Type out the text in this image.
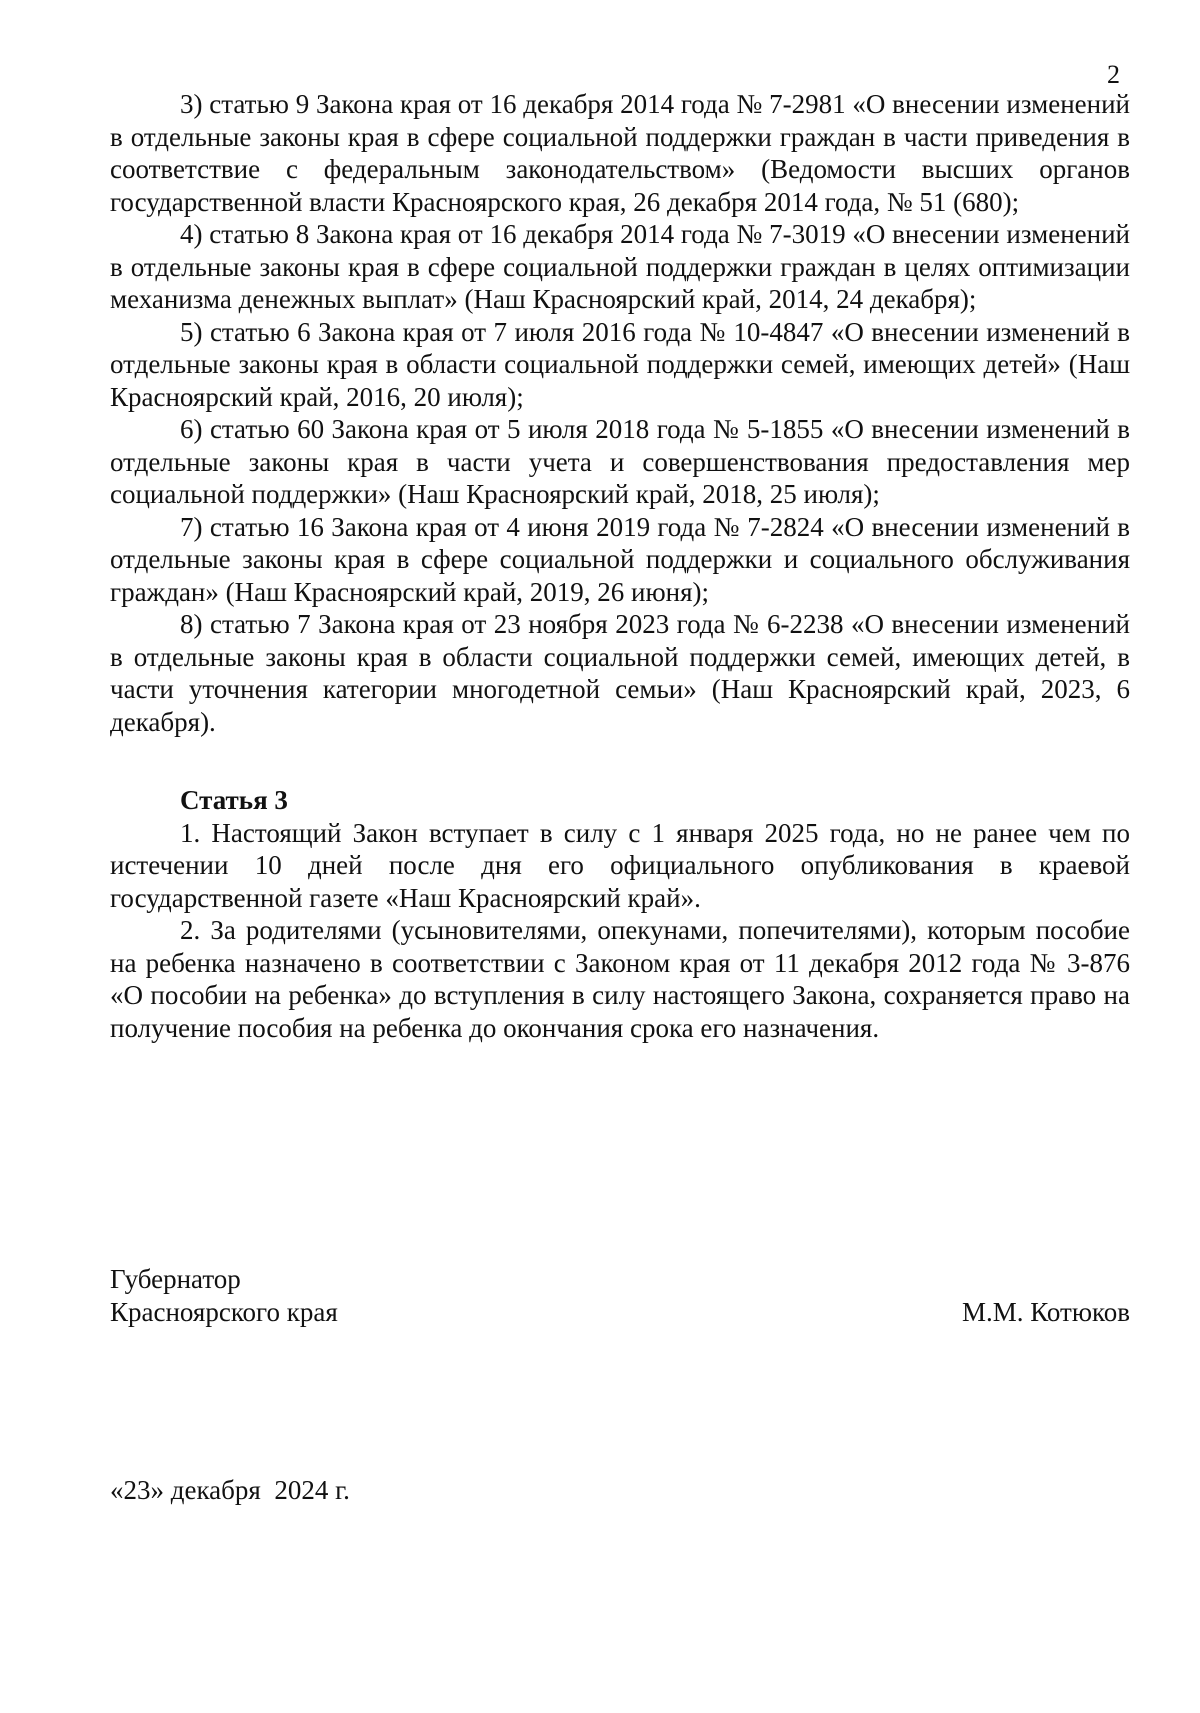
2

3) статью 9 Закона края от 16 декабря 2014 года № 7-2981 «О внесении изменений в отдельные законы края в сфере социальной поддержки граждан в части приведения в соответствие с федеральным законодательством» (Ведомости высших органов государственной власти Красноярского края, 26 декабря 2014 года, № 51 (680);

4) статью 8 Закона края от 16 декабря 2014 года № 7-3019 «О внесении изменений в отдельные законы края в сфере социальной поддержки граждан в целях оптимизации механизма денежных выплат» (Наш Красноярский край, 2014, 24 декабря);

5) статью 6 Закона края от 7 июля 2016 года № 10-4847 «О внесении изменений в отдельные законы края в области социальной поддержки семей, имеющих детей» (Наш Красноярский край, 2016, 20 июля);

6) статью 60 Закона края от 5 июля 2018 года № 5-1855 «О внесении изменений в отдельные законы края в части учета и совершенствования предоставления мер социальной поддержки» (Наш Красноярский край, 2018, 25 июля);

7) статью 16 Закона края от 4 июня 2019 года № 7-2824 «О внесении изменений в отдельные законы края в сфере социальной поддержки и социального обслуживания граждан» (Наш Красноярский край, 2019, 26 июня);

8) статью 7 Закона края от 23 ноября 2023 года № 6-2238 «О внесении изменений в отдельные законы края в области социальной поддержки семей, имеющих детей, в части уточнения категории многодетной семьи» (Наш Красноярский край, 2023, 6 декабря).

Статья 3

1. Настоящий Закон вступает в силу с 1 января 2025 года, но не ранее чем по истечении 10 дней после дня его официального опубликования в краевой государственной газете «Наш Красноярский край».

2. За родителями (усыновителями, опекунами, попечителями), которым пособие на ребенка назначено в соответствии с Законом края от 11 декабря 2012 года № 3-876 «О пособии на ребенка» до вступления в силу настоящего Закона, сохраняется право на получение пособия на ребенка до окончания срока его назначения.

Губернатор
Красноярского края	М.М. Котюков
«23» декабря  2024 г.
